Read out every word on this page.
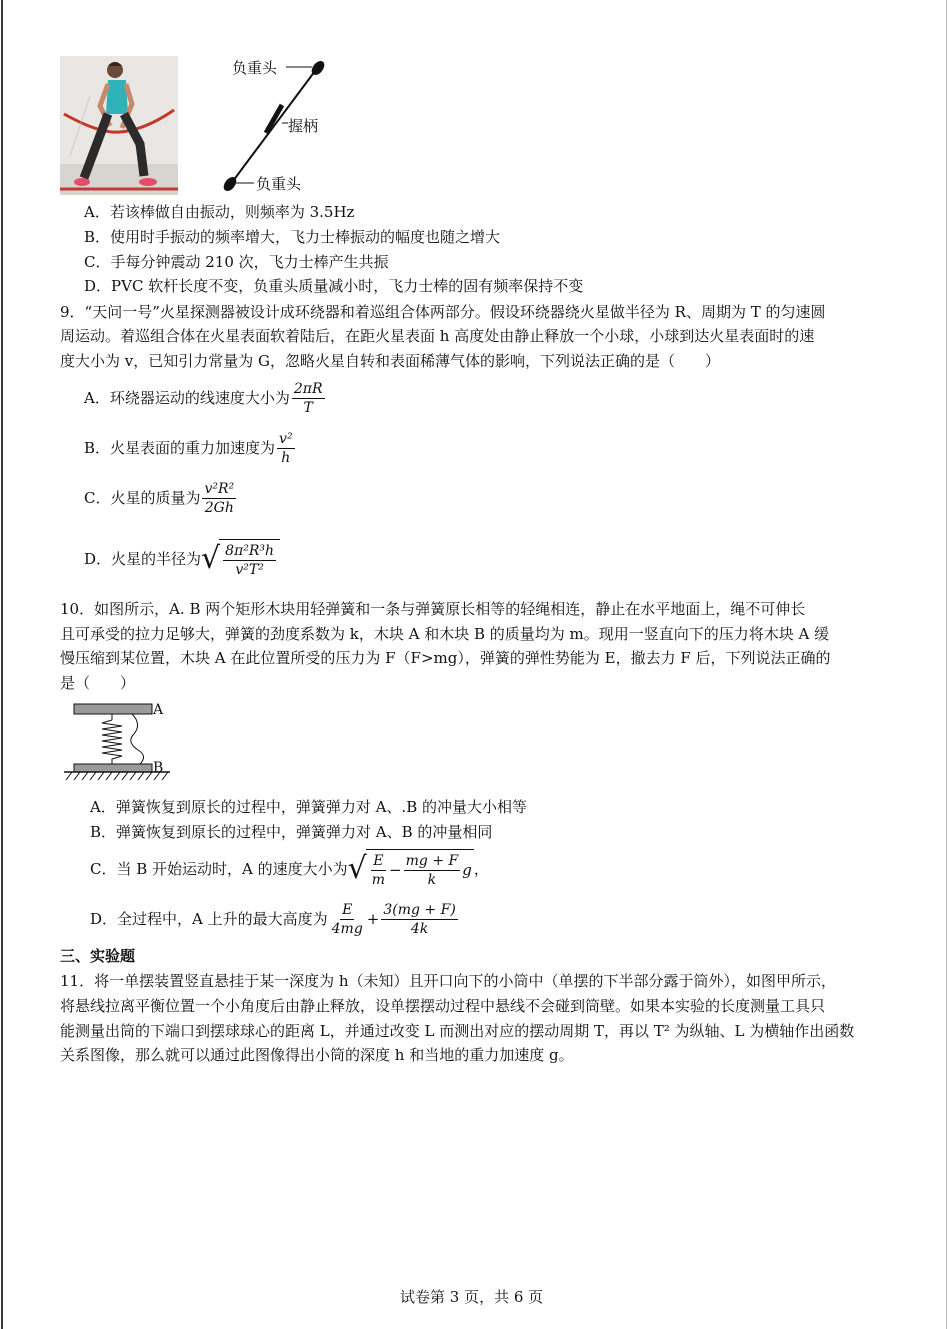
负重头
握柄
负重头
A．若该棒做自由振动，则频率为 3.5Hz
B．使用时手振动的频率增大，飞力士棒振动的幅度也随之增大
C．手每分钟震动 210 次，飞力士棒产生共振
D．PVC 软杆长度不变，负重头质量减小时，飞力士棒的固有频率保持不变
9．“天问一号”火星探测器被设计成环绕器和着巡组合体两部分。假设环绕器绕火星做半径为 R、周期为 T 的匀速圆
周运动。着巡组合体在火星表面软着陆后，在距火星表面 h 高度处由静止释放一个小球，小球到达火星表面时的速
度大小为 v，已知引力常量为 G，忽略火星自转和表面稀薄气体的影响，下列说法正确的是（　　）
A．环绕器运动的线速度大小为 $\frac{2\pi R}{T}$
B．火星表面的重力加速度为 $\frac{\text{v²}}{h}$
C．火星的质量为 $\frac{\text{v²R²}}{2Gh}$
D．火星的半径为 √ $\frac{\text{8π²R³h}}{\text{v²T²}}$
10．如图所示，A. B 两个矩形木块用轻弹簧和一条与弹簧原长相等的轻绳相连，静止在水平地面上，绳不可伸长
且可承受的拉力足够大，弹簧的劲度系数为 k，木块 A 和木块 B 的质量均为 m。现用一竖直向下的压力将木块 A 缓
慢压缩到某位置，木块 A 在此位置所受的压力为 F（F>mg），弹簧的弹性势能为 E，撤去力 F 后，下列说法正确的
是（　　）
A
B
A．弹簧恢复到原长的过程中，弹簧弹力对 A、.B 的冲量大小相等
B．弹簧恢复到原长的过程中，弹簧弹力对 A、B 的冲量相同
C．当 B 开始运动时，A 的速度大小为 √ $\frac{E}{m} - \frac{mg + F}{k}$ g ，
D．全过程中，A 上升的最大高度为 $\frac{E}{4mg} + \frac{3(mg + F)}{4k}$
三、实验题
11．将一单摆装置竖直悬挂于某一深度为 h（未知）且开口向下的小筒中（单摆的下半部分露于筒外），如图甲所示，
将悬线拉离平衡位置一个小角度后由静止释放，设单摆摆动过程中悬线不会碰到筒壁。如果本实验的长度测量工具只
能测量出筒的下端口到摆球球心的距离 L，并通过改变 L 而测出对应的摆动周期 T，再以 T² 为纵轴、L 为横轴作出函数
关系图像，那么就可以通过此图像得出小筒的深度 h 和当地的重力加速度 g。
试卷第 3 页，共 6 页
